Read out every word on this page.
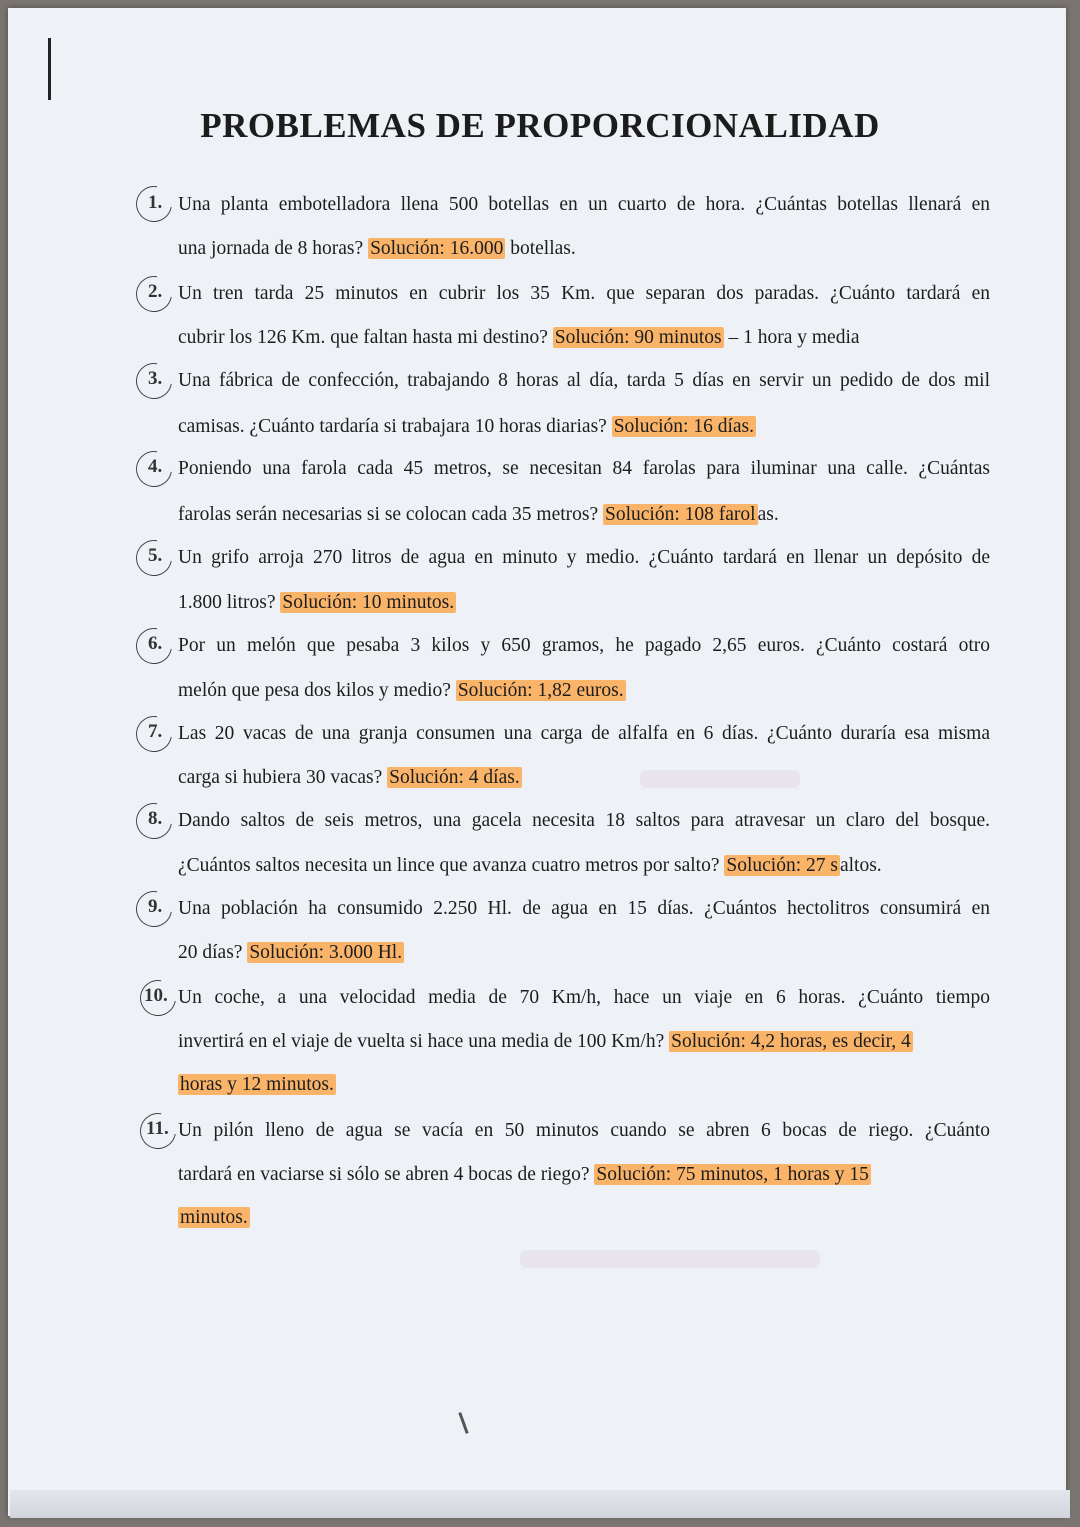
PROBLEMAS DE PROPORCIONALIDAD
1. Una planta embotelladora llena 500 botellas en un cuarto de hora. ¿Cuántas botellas llenará en
una jornada de 8 horas? Solución: 16.000 botellas.
2. Un tren tarda 25 minutos en cubrir los 35 Km. que separan dos paradas. ¿Cuánto tardará en
cubrir los 126 Km. que faltan hasta mi destino? Solución: 90 minutos – 1 hora y media
3. Una fábrica de confección, trabajando 8 horas al día, tarda 5 días en servir un pedido de dos mil
camisas. ¿Cuánto tardaría si trabajara 10 horas diarias? Solución: 16 días.
4. Poniendo una farola cada 45 metros, se necesitan 84 farolas para iluminar una calle. ¿Cuántas
farolas serán necesarias si se colocan cada 35 metros? Solución: 108 farol as.
5. Un grifo arroja 270 litros de agua en minuto y medio. ¿Cuánto tardará en llenar un depósito de
1.800 litros? Solución: 10 minutos.
6. Por un melón que pesaba 3 kilos y 650 gramos, he pagado 2,65 euros. ¿Cuánto costará otro
melón que pesa dos kilos y medio? Solución: 1,82 euros.
7. Las 20 vacas de una granja consumen una carga de alfalfa en 6 días. ¿Cuánto duraría esa misma
carga si hubiera 30 vacas? Solución: 4 días.
8. Dando saltos de seis metros, una gacela necesita 18 saltos para atravesar un claro del bosque.
¿Cuántos saltos necesita un lince que avanza cuatro metros por salto? Solución: 27 s altos.
9. Una población ha consumido 2.250 Hl. de agua en 15 días. ¿Cuántos hectolitros consumirá en
20 días? Solución: 3.000 Hl.
10. Un coche, a una velocidad media de 70 Km/h, hace un viaje en 6 horas. ¿Cuánto tiempo
invertirá en el viaje de vuelta si hace una media de 100 Km/h? Solución: 4,2 horas, es decir, 4
horas y 12 minutos.
11. Un pilón lleno de agua se vacía en 50 minutos cuando se abren 6 bocas de riego. ¿Cuánto
tardará en vaciarse si sólo se abren 4 bocas de riego? Solución: 75 minutos, 1 horas y 15
minutos.
